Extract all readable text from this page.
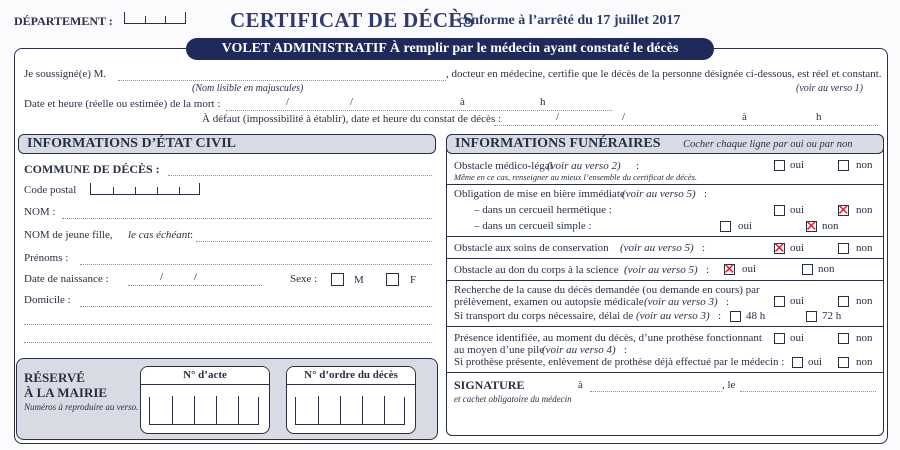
DÉPARTEMENT :	CERTIFICAT DE DÉCÈS
conforme à l’arrêté du 17 juillet 2017
VOLET ADMINISTRATIF À remplir par le médecin ayant constaté le décès
Je soussigné(e) M.
(Nom lisible en majuscules)
, docteur en médecine, certifie que le décès de la personne désignée ci-dessous, est réel et constant.
(voir au verso 1)
Date et heure (réelle ou estimée) de la mort :	/	/	à	h
À défaut (impossibilité à établir), date et heure du constat de décès :	/	/	à	h
INFORMATIONS D’ÉTAT CIVIL
COMMUNE DE DÉCÈS :
Code postal
NOM :
NOM de jeune fille, le cas échéant :
Prénoms :
Date de naissance :	/	/	Sexe :	M	F
Domicile :
RÉSERVÉ
À LA MAIRIE
Numéros à reproduire au verso.
N° d’acte	N° d’ordre du décès
INFORMATIONS FUNÉRAIRES Cocher chaque ligne par oui ou par non
Obstacle médico-légal
(voir au verso 2) :
Même en ce cas, renseigner au mieux l’ensemble du certificat de décès.
oui	non
Obligation de mise en bière immédiate
(voir au verso 5) :
– dans un cercueil hermétique :	oui ✕	non
– dans un cercueil simple :	oui ✕	non
Obstacle aux soins de conservation (voir au verso 5) : ✕	oui	non
Obstacle au don du corps à la science (voir au verso 5) : ✕	oui	non
Recherche de la cause du décès demandée (ou demande en cours) par
prélèvement, examen ou autopsie médicale (voir au verso 3) :	oui	non
Si transport du corps nécessaire, délai de (voir au verso 3) : 48 h	72 h
Présence identifiée, au moment du décès, d’une prothèse fonctionnant
au moyen d’une pile
(voir au verso 4) :
oui	non
Si prothèse présente, enlèvement de prothèse déjà effectué par le médecin : oui	non
SIGNATURE	à	, le
et cachet obligatoire du médecin
